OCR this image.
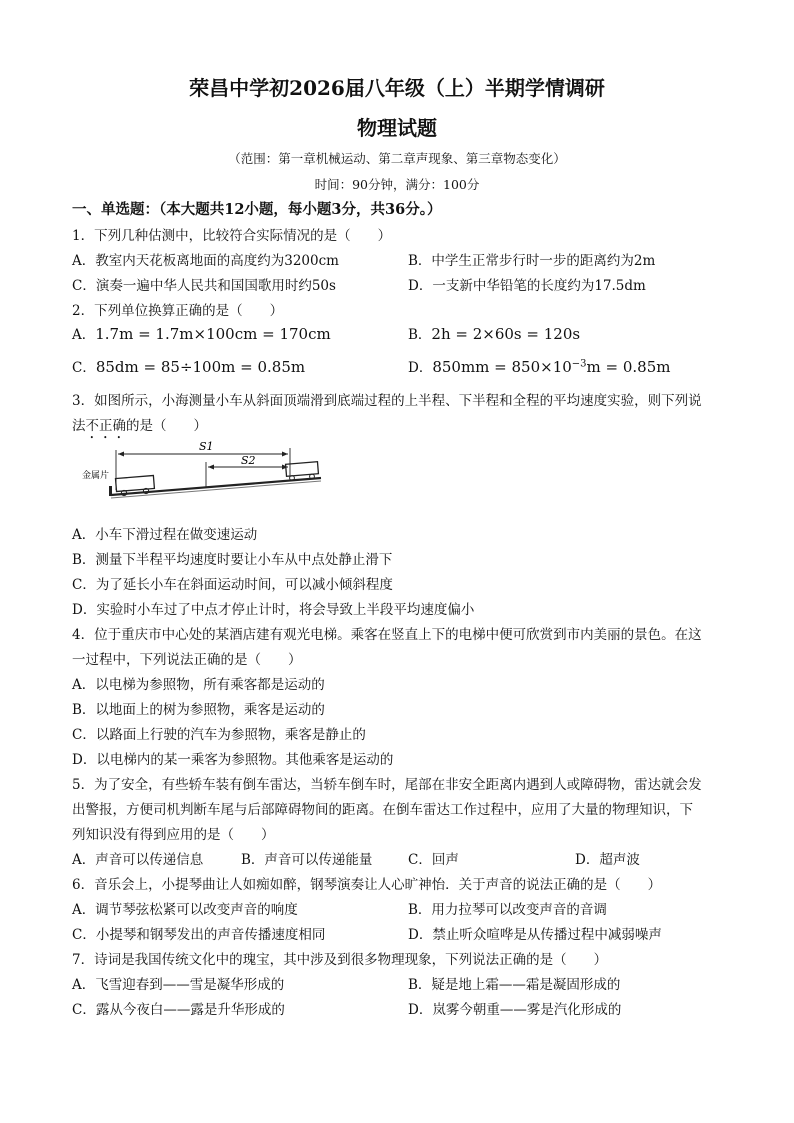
荣昌中学初2026届八年级（上）半期学情调研
物理试题
（范围：第一章机械运动、第二章声现象、第三章物态变化）
时间：90分钟，满分：100分
一、单选题：（本大题共12小题，每小题3分，共36分。）
1．下列几种估测中，比较符合实际情况的是（　　）
A．教室内天花板离地面的高度约为3200cm	B．中学生正常步行时一步的距离约为2m
C．演奏一遍中华人民共和国国歌用时约50s	D．一支新中华铅笔的长度约为17.5dm
2．下列单位换算正确的是（　　）
A．1.7m = 1.7m×100cm = 170cm	B．2h = 2×60s = 120s
C．85dm = 85÷100m = 0.85m	D．$850mm = 850\times 10^{-3}m = 0.85m$
3．如图所示，小海测量小车从斜面顶端滑到底端过程的上半程、下半程和全程的平均速度实验，则下列说
法不正确的是（　　）
金属片
S1
S2
A．小车下滑过程在做变速运动
B．测量下半程平均速度时要让小车从中点处静止滑下
C．为了延长小车在斜面运动时间，可以减小倾斜程度
D．实验时小车过了中点才停止计时，将会导致上半段平均速度偏小
4．位于重庆市中心处的某酒店建有观光电梯。乘客在竖直上下的电梯中便可欣赏到市内美丽的景色。在这
一过程中，下列说法正确的是（　　）
A．以电梯为参照物，所有乘客都是运动的
B．以地面上的树为参照物，乘客是运动的
C．以路面上行驶的汽车为参照物，乘客是静止的
D．以电梯内的某一乘客为参照物。其他乘客是运动的
5．为了安全，有些轿车装有倒车雷达，当轿车倒车时，尾部在非安全距离内遇到人或障碍物，雷达就会发
出警报，方便司机判断车尾与后部障碍物间的距离。在倒车雷达工作过程中，应用了大量的物理知识，下
列知识没有得到应用的是（　　）
A．声音可以传递信息	B．声音可以传递能量	C．回声	D．超声波
6．音乐会上，小提琴曲让人如痴如醉，钢琴演奏让人心旷神怡．关于声音的说法正确的是（　　）
A．调节琴弦松紧可以改变声音的响度	B．用力拉琴可以改变声音的音调
C．小提琴和钢琴发出的声音传播速度相同	D．禁止听众喧哗是从传播过程中减弱噪声
7．诗词是我国传统文化中的瑰宝，其中涉及到很多物理现象，下列说法正确的是（　　）
A．飞雪迎春到——雪是凝华形成的	B．疑是地上霜——霜是凝固形成的
C．露从今夜白——露是升华形成的	D．岚雾今朝重——雾是汽化形成的
